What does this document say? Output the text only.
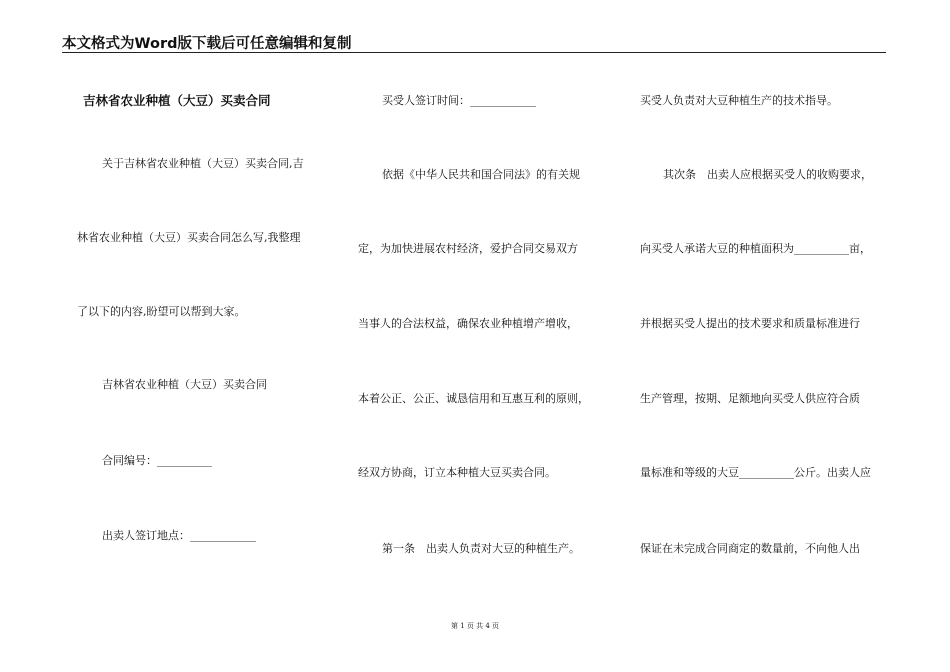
本文格式为Word版下载后可任意编辑和复制
吉林省农业种植（大豆）买卖合同
关于吉林省农业种植（大豆）买卖合同,吉
林省农业种植（大豆）买卖合同怎么写,我整理
了以下的内容,盼望可以帮到大家。
吉林省农业种植（大豆）买卖合同
合同编号：__________
出卖人签订地点：____________
买受人签订时间：____________
依据《中华人民共和国合同法》的有关规
定，为加快进展农村经济，爱护合同交易双方
当事人的合法权益，确保农业种植增产增收，
本着公正、公正、诚恳信用和互惠互利的原则，
经双方协商，订立本种植大豆买卖合同。
第一条　出卖人负责对大豆的种植生产。
买受人负责对大豆种植生产的技术指导。
其次条　出卖人应根据买受人的收购要求，
向买受人承诺大豆的种植面积为__________亩，
并根据买受人提出的技术要求和质量标准进行
生产管理，按期、足额地向买受人供应符合质
量标准和等级的大豆__________公斤。出卖人应
保证在未完成合同商定的数量前，不向他人出
第 1 页 共 4 页
